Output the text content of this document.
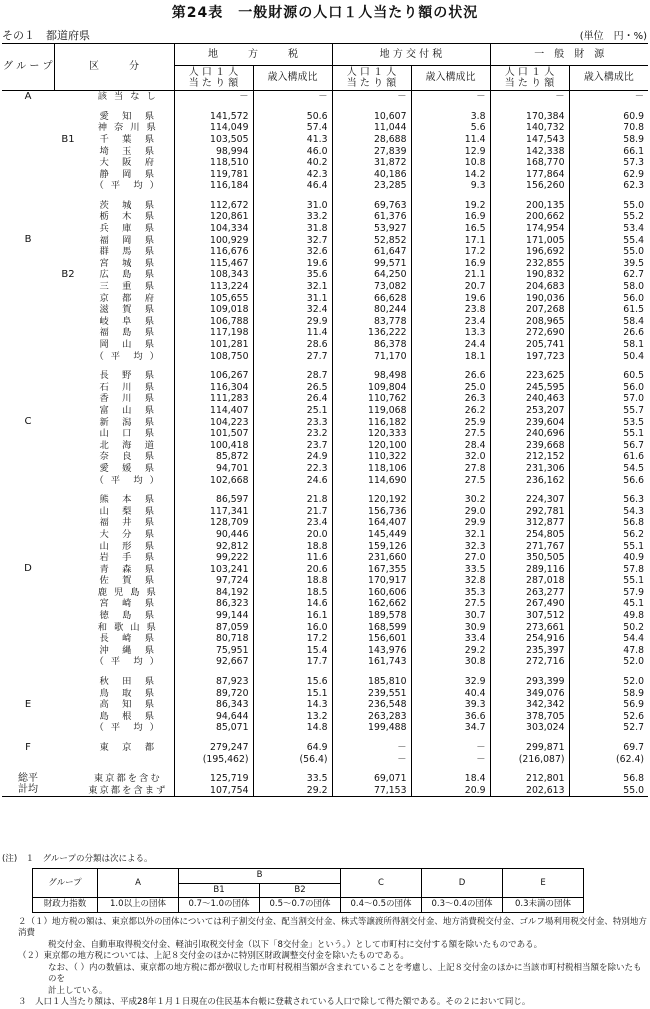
第24表　一般財源の人口１人当たり額の状況
その１　都道府県	(単位　円・%)
グ ル ー プ	区　　　分		地　　　方　　　税		地 方 交 付 税		一　般　財　源	
			人 口 １ 人
当 た り 額	歳入構成比	人 口 １ 人
当 た り 額	歳入構成比	人 口 １ 人
当 た り 額	歳入構成比
A		該 当 な し	－	－	－	－	－	－

		愛　知　県	141,572	50.6	10,607	3.8	170,384	60.9
		神 奈 川 県	114,049	57.4	11,044	5.6	140,732	70.8
	B1	千　葉　県	103,505	41.3	28,688	11.4	147,543	58.9
		埼　玉　県	98,994	46.0	27,839	12.9	142,338	66.1
		大　阪　府	118,510	40.2	31,872	10.8	168,770	57.3
		静　岡　県	119,781	42.3	40,186	14.2	177,864	62.9
		（ 平　均 ）	116,184	46.4	23,285	9.3	156,260	62.3

		茨　城　県	112,672	31.0	69,763	19.2	200,135	55.0
		栃　木　県	120,861	33.2	61,376	16.9	200,662	55.2
		兵　庫　県	104,334	31.8	53,927	16.5	174,954	53.4
B		福　岡　県	100,929	32.7	52,852	17.1	171,005	55.4
		群　馬　県	116,676	32.6	61,647	17.2	196,692	55.0
		宮　城　県	115,467	19.6	99,571	16.9	232,855	39.5
	B2	広　島　県	108,343	35.6	64,250	21.1	190,832	62.7
		三　重　県	113,224	32.1	73,082	20.7	204,683	58.0
		京　都　府	105,655	31.1	66,628	19.6	190,036	56.0
		滋　賀　県	109,018	32.4	80,244	23.8	207,268	61.5
		岐　阜　県	106,788	29.9	83,778	23.4	208,965	58.4
		福　島　県	117,198	11.4	136,222	13.3	272,690	26.6
		岡　山　県	101,281	28.6	86,378	24.4	205,741	58.1
		（ 平　均 ）	108,750	27.7	71,170	18.1	197,723	50.4

		長　野　県	106,267	28.7	98,498	26.6	223,625	60.5
		石　川　県	116,304	26.5	109,804	25.0	245,595	56.0
		香　川　県	111,283	26.4	110,762	26.3	240,463	57.0
		富　山　県	114,407	25.1	119,068	26.2	253,207	55.7
C		新　潟　県	104,223	23.3	116,182	25.9	239,604	53.5
		山　口　県	101,507	23.2	120,333	27.5	240,696	55.1
		北　海　道	100,418	23.7	120,100	28.4	239,668	56.7
		奈　良　県	85,872	24.9	110,322	32.0	212,152	61.6
		愛　媛　県	94,701	22.3	118,106	27.8	231,306	54.5
		（ 平　均 ）	102,668	24.6	114,690	27.5	236,162	56.6

		熊　本　県	86,597	21.8	120,192	30.2	224,307	56.3
		山　梨　県	117,341	21.7	156,736	29.0	292,781	54.3
		福　井　県	128,709	23.4	164,407	29.9	312,877	56.8
		大　分　県	90,446	20.0	145,449	32.1	254,805	56.2
		山　形　県	92,812	18.8	159,126	32.3	271,767	55.1
		岩　手　県	99,222	11.6	231,660	27.0	350,505	40.9
D		青　森　県	103,241	20.6	167,355	33.5	289,116	57.8
		佐　賀　県	97,724	18.8	170,917	32.8	287,018	55.1
		鹿 児 島 県	84,192	18.5	160,606	35.3	263,277	57.9
		宮　崎　県	86,323	14.6	162,662	27.5	267,490	45.1
		徳　島　県	99,144	16.1	189,578	30.7	307,512	49.8
		和 歌 山 県	87,059	16.0	168,599	30.9	273,661	50.2
		長　崎　県	80,718	17.2	156,601	33.4	254,916	54.4
		沖　縄　県	75,951	15.4	143,976	29.2	235,397	47.8
		（ 平　均 ）	92,667	17.7	161,743	30.8	272,716	52.0

		秋　田　県	87,923	15.6	185,810	32.9	293,399	52.0
		鳥　取　県	89,720	15.1	239,551	40.4	349,076	58.9
E		高　知　県	86,343	14.3	236,548	39.3	342,342	56.9
		島　根　県	94,644	13.2	263,283	36.6	378,705	52.6
		（ 平　均 ）	85,071	14.8	199,488	34.7	303,024	52.7

F		東　京　都	279,247	64.9	－	－	299,871	69.7
			(195,462)	(56.4)	－	－	(216,087)	(62.4)

総平		東京都を含む	125,719	33.5	69,071	18.4	212,801	56.8
計均		東京都を含まず	107,754	29.2	77,153	20.9	202,613	55.0

(注)　１　グループの分類は次による。

グループ	A	B		C	D	E
		B1	B2			
財政力指数	1.0以上の団体	0.7～1.0の団体	0.5～0.7の団体	0.4～0.5の団体	0.3～0.4の団体	0.3未満の団体

２（１）地方税の額は、東京都以外の団体については利子割交付金、配当割交付金、株式等譲渡所得割交付金、地方消費税交付金、ゴルフ場利用税交付金、特別地方消費

税交付金、自動車取得税交付金、軽油引取税交付金（以下「8交付金」という。）として市町村に交付する額を除いたものである。

（２）東京都の地方税については、上記８交付金のほかに特別区財政調整交付金を除いたものである。

なお、（ ）内の数値は、東京都の地方税に都が徴収した市町村税相当額が含まれていることを考慮し、上記８交付金のほかに当該市町村税相当額を除いたものを

計上している。

３　人口１人当たり額は、平成28年１月１日現在の住民基本台帳に登載されている人口で除して得た額である。その２において同じ。
